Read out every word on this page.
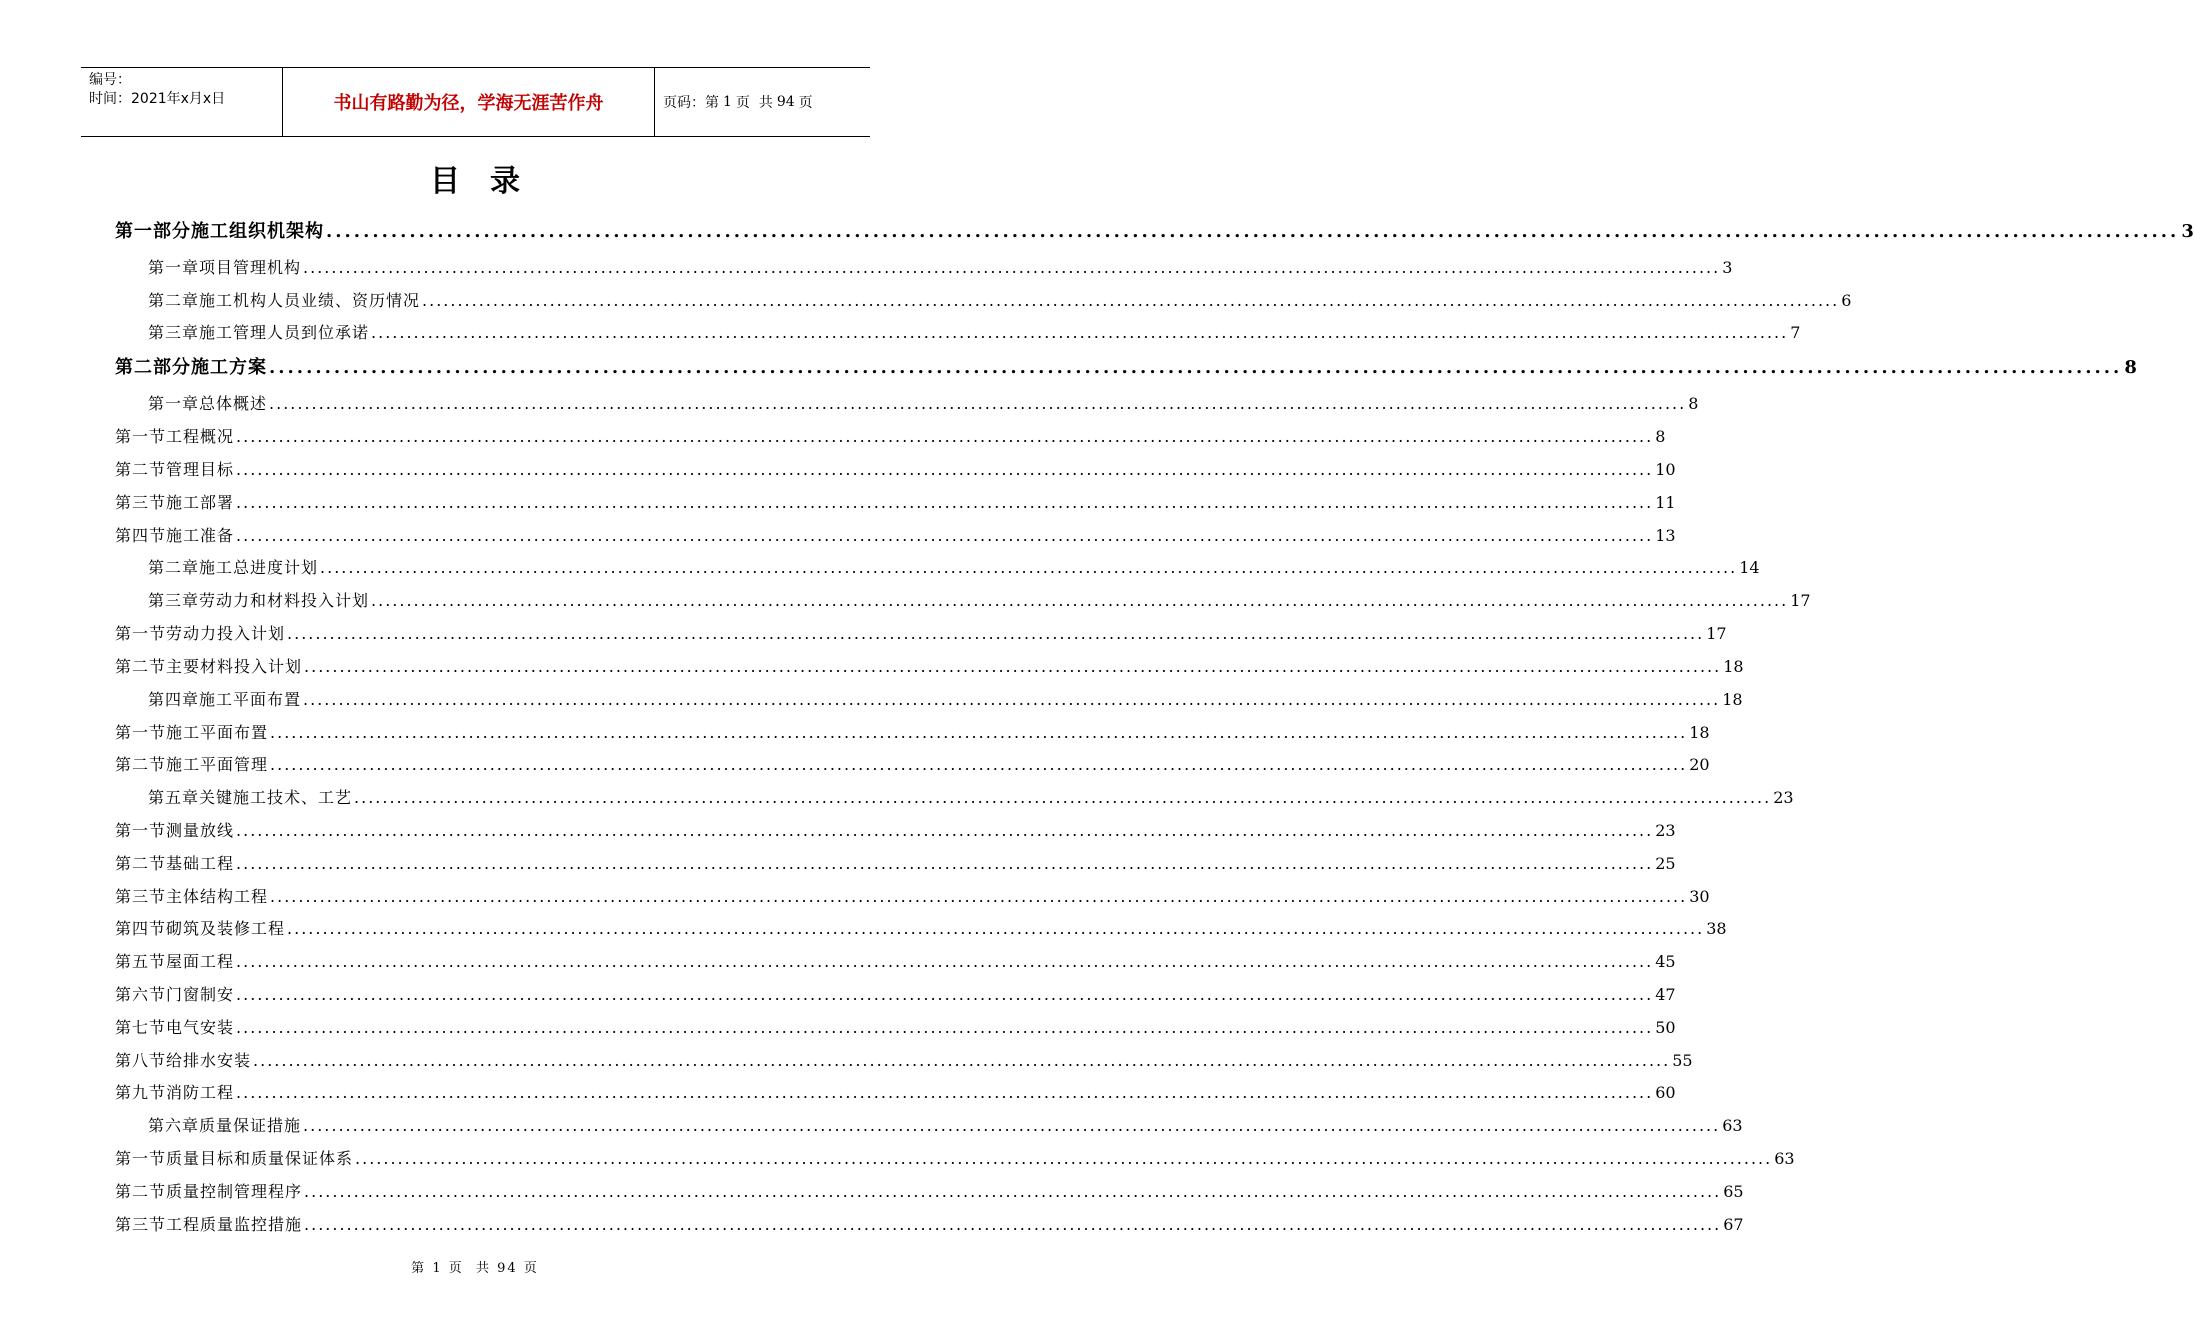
编号：
时间：2021年x月x日	书山有路勤为径，学海无涯苦作舟	页码：第 1 页  共 94 页
目录
第一部分 施工组织机架构 ........................................................................................................................................................................................................ 3
第一章 项目管理机构 ........................................................................................................................................................................................................ 3
第二章 施工机构人员业绩、资历情况 ........................................................................................................................................................................................................ 6
第三章 施工管理人员到位承诺 ........................................................................................................................................................................................................ 7
第二部分 施工方案 ........................................................................................................................................................................................................ 8
第一章 总体概述 ........................................................................................................................................................................................................ 8
第一节 工程概况 ........................................................................................................................................................................................................ 8
第二节 管理目标 ........................................................................................................................................................................................................ 10
第三节 施工部署 ........................................................................................................................................................................................................ 11
第四节 施工准备 ........................................................................................................................................................................................................ 13
第二章 施工总进度计划 ........................................................................................................................................................................................................ 14
第三章 劳动力和材料投入计划 ........................................................................................................................................................................................................ 17
第一节 劳动力投入计划 ........................................................................................................................................................................................................ 17
第二节 主要材料投入计划 ........................................................................................................................................................................................................ 18
第四章 施工平面布置 ........................................................................................................................................................................................................ 18
第一节 施工平面布置 ........................................................................................................................................................................................................ 18
第二节 施工平面管理 ........................................................................................................................................................................................................ 20
第五章 关键施工技术、工艺 ........................................................................................................................................................................................................ 23
第一节 测量放线 ........................................................................................................................................................................................................ 23
第二节 基础工程 ........................................................................................................................................................................................................ 25
第三节 主体结构工程 ........................................................................................................................................................................................................ 30
第四节 砌筑及装修工程 ........................................................................................................................................................................................................ 38
第五节 屋面工程 ........................................................................................................................................................................................................ 45
第六节 门窗制安 ........................................................................................................................................................................................................ 47
第七节 电气安装 ........................................................................................................................................................................................................ 50
第八节 给排水安装 ........................................................................................................................................................................................................ 55
第九节 消防工程 ........................................................................................................................................................................................................ 60
第六章 质量保证措施 ........................................................................................................................................................................................................ 63
第一节 质量目标和质量保证体系 ........................................................................................................................................................................................................ 63
第二节 质量控制管理程序 ........................................................................................................................................................................................................ 65
第三节 工程质量监控措施 ........................................................................................................................................................................................................ 67
第 1 页  共 94 页
